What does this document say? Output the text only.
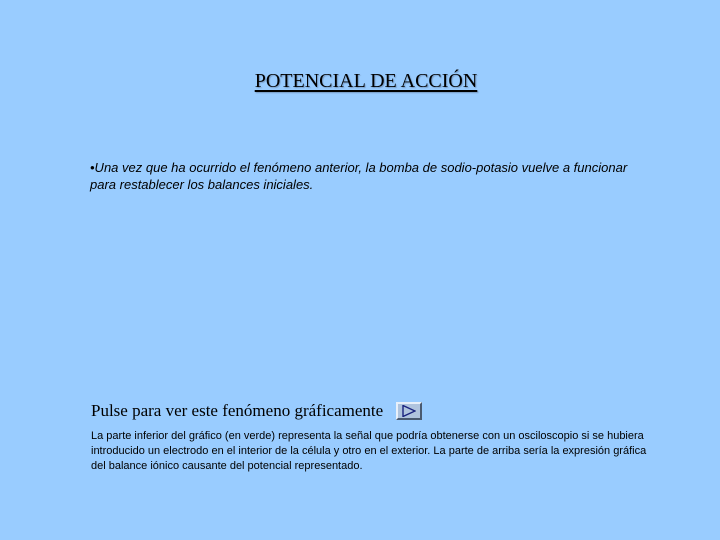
POTENCIAL DE ACCIÓN

•Una vez que ha ocurrido el fenómeno anterior, la bomba de sodio-potasio vuelve a funcionar para restablecer los balances iniciales.

Pulse para ver este fenómeno gráficamente

La parte inferior del gráfico (en verde) representa la señal que podría obtenerse con un osciloscopio si se hubiera introducido un electrodo en el interior de la célula y otro en el exterior. La parte de arriba sería la expresión gráfica del balance iónico causante del potencial representado.
